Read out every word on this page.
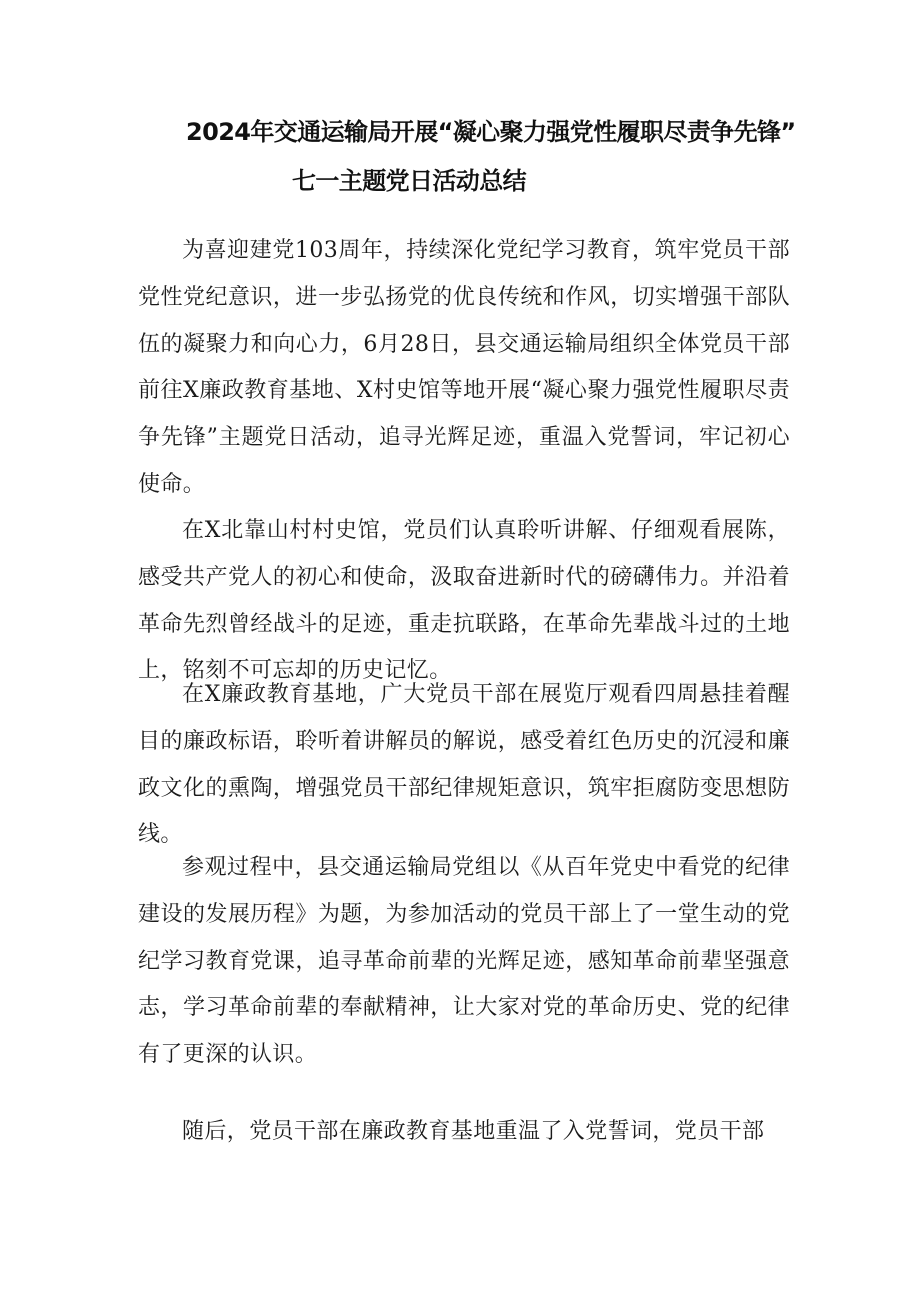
2024年交通运输局开展“凝心聚力强党性履职尽责争先锋”
七一主题党日活动总结

为喜迎建党103周年，持续深化党纪学习教育，筑牢党员干部党性党纪意识，进一步弘扬党的优良传统和作风，切实增强干部队伍的凝聚力和向心力，6月28日，县交通运输局组织全体党员干部前往X廉政教育基地、X村史馆等地开展“凝心聚力强党性履职尽责争先锋”主题党日活动，追寻光辉足迹，重温入党誓词，牢记初心使命。

在X北靠山村村史馆，党员们认真聆听讲解、仔细观看展陈，感受共产党人的初心和使命，汲取奋进新时代的磅礴伟力。并沿着革命先烈曾经战斗的足迹，重走抗联路，在革命先辈战斗过的土地上，铭刻不可忘却的历史记忆。

在X廉政教育基地，广大党员干部在展览厅观看四周悬挂着醒目的廉政标语，聆听着讲解员的解说，感受着红色历史的沉浸和廉政文化的熏陶，增强党员干部纪律规矩意识，筑牢拒腐防变思想防线。

参观过程中，县交通运输局党组以《从百年党史中看党的纪律建设的发展历程》为题，为参加活动的党员干部上了一堂生动的党纪学习教育党课，追寻革命前辈的光辉足迹，感知革命前辈坚强意志，学习革命前辈的奉献精神，让大家对党的革命历史、党的纪律有了更深的认识。

随后，党员干部在廉政教育基地重温了入党誓词，党员干部
